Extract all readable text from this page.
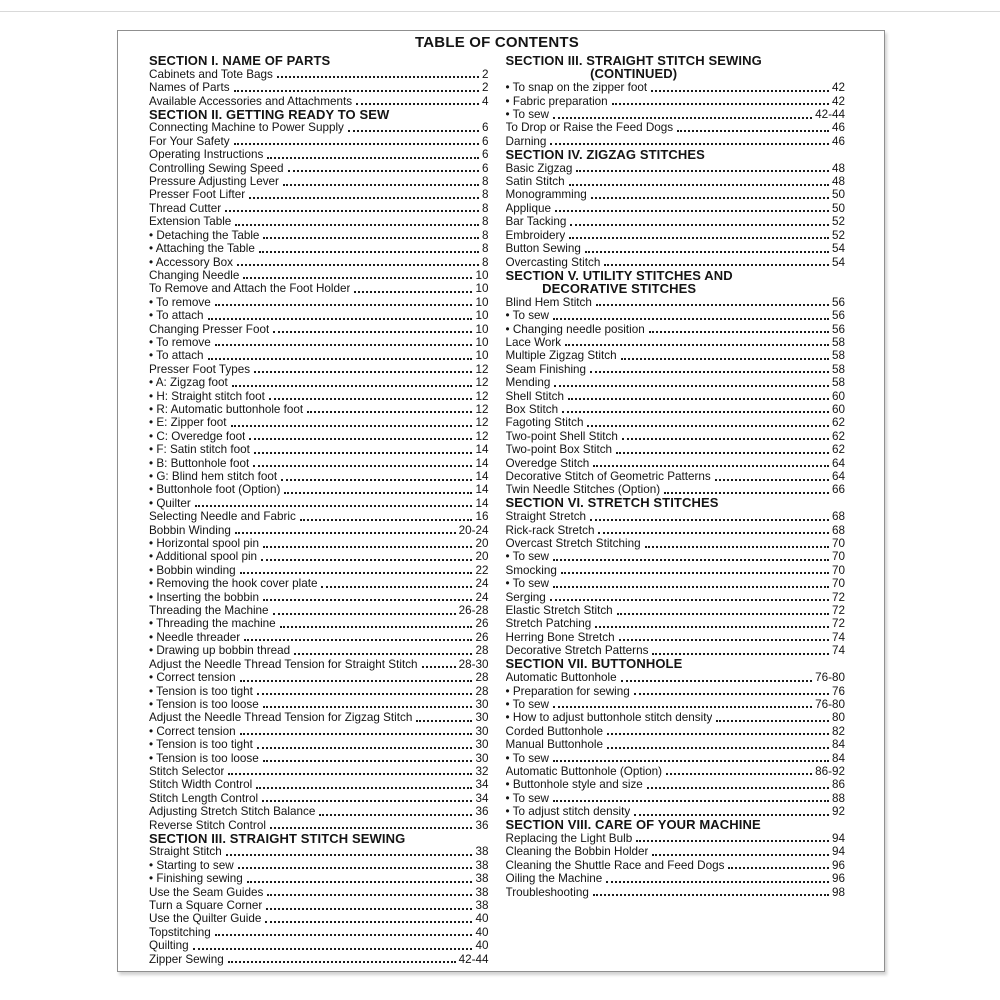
TABLE OF CONTENTS
SECTION I. NAME OF PARTS
Cabinets and Tote Bags	2
Names of Parts	2
Available Accessories and Attachments	4
SECTION II. GETTING READY TO SEW
Connecting Machine to Power Supply	6
For Your Safety	6
Operating Instructions	6
Controlling Sewing Speed	6
Pressure Adjusting Lever	8
Presser Foot Lifter	8
Thread Cutter	8
Extension Table	8
• Detaching the Table	8
• Attaching the Table	8
• Accessory Box	8
Changing Needle	10
To Remove and Attach the Foot Holder	10
• To remove	10
• To attach	10
Changing Presser Foot	10
• To remove	10
• To attach	10
Presser Foot Types	12
• A: Zigzag foot	12
• H: Straight stitch foot	12
• R: Automatic buttonhole foot	12
• E: Zipper foot	12
• C: Overedge foot	12
• F: Satin stitch foot	14
• B: Buttonhole foot	14
• G: Blind hem stitch foot	14
• Buttonhole foot (Option)	14
• Quilter	14
Selecting Needle and Fabric	16
Bobbin Winding	20-24
• Horizontal spool pin	20
• Additional spool pin	20
• Bobbin winding	22
• Removing the hook cover plate	24
• Inserting the bobbin	24
Threading the Machine	26-28
• Threading the machine	26
• Needle threader	26
• Drawing up bobbin thread	28
Adjust the Needle Thread Tension for Straight Stitch	28-30
• Correct tension	28
• Tension is too tight	28
• Tension is too loose	30
Adjust the Needle Thread Tension for Zigzag Stitch	30
• Correct tension	30
• Tension is too tight	30
• Tension is too loose	30
Stitch Selector	32
Stitch Width Control	34
Stitch Length Control	34
Adjusting Stretch Stitch Balance	36
Reverse Stitch Control	36
SECTION III. STRAIGHT STITCH SEWING
Straight Stitch	38
• Starting to sew	38
• Finishing sewing	38
Use the Seam Guides	38
Turn a Square Corner	38
Use the Quilter Guide	40
Topstitching	40
Quilting	40
Zipper Sewing	42-44
SECTION III. STRAIGHT STITCH SEWING
(CONTINUED)
• To snap on the zipper foot	42
• Fabric preparation	42
• To sew	42-44
To Drop or Raise the Feed Dogs	46
Darning	46
SECTION IV. ZIGZAG STITCHES
Basic Zigzag	48
Satin Stitch	48
Monogramming	50
Applique	50
Bar Tacking	52
Embroidery	52
Button Sewing	54
Overcasting Stitch	54
SECTION V. UTILITY STITCHES AND
DECORATIVE STITCHES
Blind Hem Stitch	56
• To sew	56
• Changing needle position	56
Lace Work	58
Multiple Zigzag Stitch	58
Seam Finishing	58
Mending	58
Shell Stitch	60
Box Stitch	60
Fagoting Stitch	62
Two-point Shell Stitch	62
Two-point Box Stitch	62
Overedge Stitch	64
Decorative Stitch of Geometric Patterns	64
Twin Needle Stitches (Option)	66
SECTION VI. STRETCH STITCHES
Straight Stretch	68
Rick-rack Stretch	68
Overcast Stretch Stitching	70
• To sew	70
Smocking	70
• To sew	70
Serging	72
Elastic Stretch Stitch	72
Stretch Patching	72
Herring Bone Stretch	74
Decorative Stretch Patterns	74
SECTION VII. BUTTONHOLE
Automatic Buttonhole	76-80
• Preparation for sewing	76
• To sew	76-80
• How to adjust buttonhole stitch density	80
Corded Buttonhole	82
Manual Buttonhole	84
• To sew	84
Automatic Buttonhole (Option)	86-92
• Buttonhole style and size	86
• To sew	88
• To adjust stitch density	92
SECTION VIII. CARE OF YOUR MACHINE
Replacing the Light Bulb	94
Cleaning the Bobbin Holder	94
Cleaning the Shuttle Race and Feed Dogs	96
Oiling the Machine	96
Troubleshooting	98
